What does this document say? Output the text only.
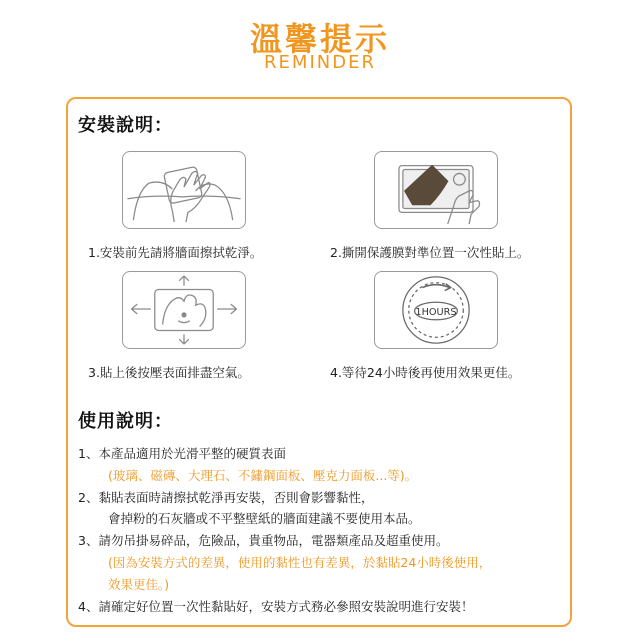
溫馨提示
REMINDER
安裝說明：
1.安裝前先請將牆面擦拭乾淨。	2.撕開保護膜對準位置一次性貼上。
3.貼上後按壓表面排盡空氣。
1HOURS
4.等待24小時後再使用效果更佳。
使用說明：
1、本產品適用於光滑平整的硬質表面
(玻璃、磁磚、大理石、不鏽鋼面板、壓克力面板...等)。
2、黏貼表面時請擦拭乾淨再安裝，否則會影響黏性，
會掉粉的石灰牆或不平整壁紙的牆面建議不要使用本品。
3、請勿吊掛易碎品，危險品，貴重物品，電器類產品及超重使用。
(因為安裝方式的差異，使用的黏性也有差異，於黏貼24小時後使用，
效果更佳。)
4、請確定好位置一次性黏貼好，安裝方式務必參照安裝說明進行安裝！
